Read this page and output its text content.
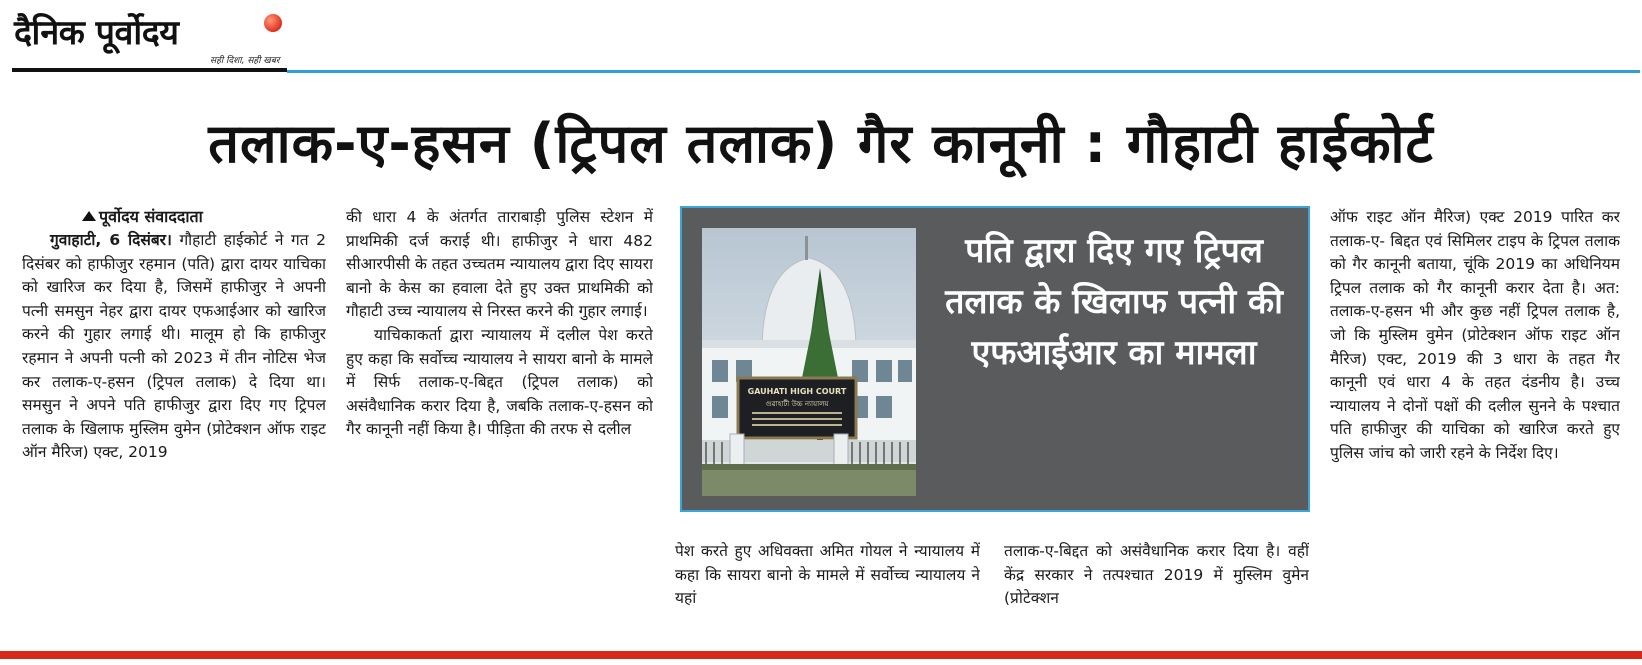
दैनिक पूर्वोदय
सही दिशा, सही खबर
तलाक-ए-हसन (ट्रिपल तलाक) गैर कानूनी : गौहाटी हाईकोर्ट
पूर्वोदय संवाददाता

गुवाहाटी, 6 दिसंबर। गौहाटी हाईकोर्ट ने गत 2 दिसंबर को हाफीजुर रहमान (पति) द्वारा दायर याचिका को खारिज कर दिया है, जिसमें हाफीजुर ने अपनी पत्नी समसुन नेहर द्वारा दायर एफआईआर को खारिज करने की गुहार लगाई थी। मालूम हो कि हाफीजुर रहमान ने अपनी पत्नी को 2023 में तीन नोटिस भेज कर तलाक-ए-हसन (ट्रिपल तलाक) दे दिया था। समसुन ने अपने पति हाफीजुर द्वारा दिए गए ट्रिपल तलाक के खिलाफ मुस्लिम वुमेन (प्रोटेक्शन ऑफ राइट ऑन मैरिज) एक्ट, 2019

की धारा 4 के अंतर्गत ताराबाड़ी पुलिस स्टेशन में प्राथमिकी दर्ज कराई थी। हाफीजुर ने धारा 482 सीआरपीसी के तहत उच्चतम न्यायालय द्वारा दिए सायरा बानो के केस का हवाला देते हुए उक्त प्राथमिकी को गौहाटी उच्च न्यायालय से निरस्त करने की गुहार लगाई।

याचिकाकर्ता द्वारा न्यायालय में दलील पेश करते हुए कहा कि सर्वोच्च न्यायालय ने सायरा बानो के मामले में सिर्फ तलाक-ए-बिद्दत (ट्रिपल तलाक) को असंवैधानिक करार दिया है, जबकि तलाक-ए-हसन को गैर कानूनी नहीं किया है। पीड़िता की तरफ से दलील

GAUHATI HIGH COURT
গুৱাহাটী উচ্চ ন্যায়ালয়
पति द्वारा दिए गए ट्रिपल तलाक के खिलाफ पत्नी की एफआईआर का मामला

पेश करते हुए अधिवक्ता अमित गोयल ने न्यायालय में कहा कि सायरा बानो के मामले में सर्वोच्च न्यायालय ने यहां

तलाक-ए-बिद्दत को असंवैधानिक करार दिया है। वहीं केंद्र सरकार ने तत्पश्चात 2019 में मुस्लिम वुमेन (प्रोटेक्शन

ऑफ राइट ऑन मैरिज) एक्ट 2019 पारित कर तलाक-ए- बिद्दत एवं सिमिलर टाइप के ट्रिपल तलाक को गैर कानूनी बताया, चूंकि 2019 का अधिनियम ट्रिपल तलाक को गैर कानूनी करार देता है। अत: तलाक-ए-हसन भी और कुछ नहीं ट्रिपल तलाक है, जो कि मुस्लिम वुमेन (प्रोटेक्शन ऑफ राइट ऑन मैरिज) एक्ट, 2019 की 3 धारा के तहत गैर कानूनी एवं धारा 4 के तहत दंडनीय है। उच्च न्यायालय ने दोनों पक्षों की दलील सुनने के पश्चात पति हाफीजुर की याचिका को खारिज करते हुए पुलिस जांच को जारी रहने के निर्देश दिए।
